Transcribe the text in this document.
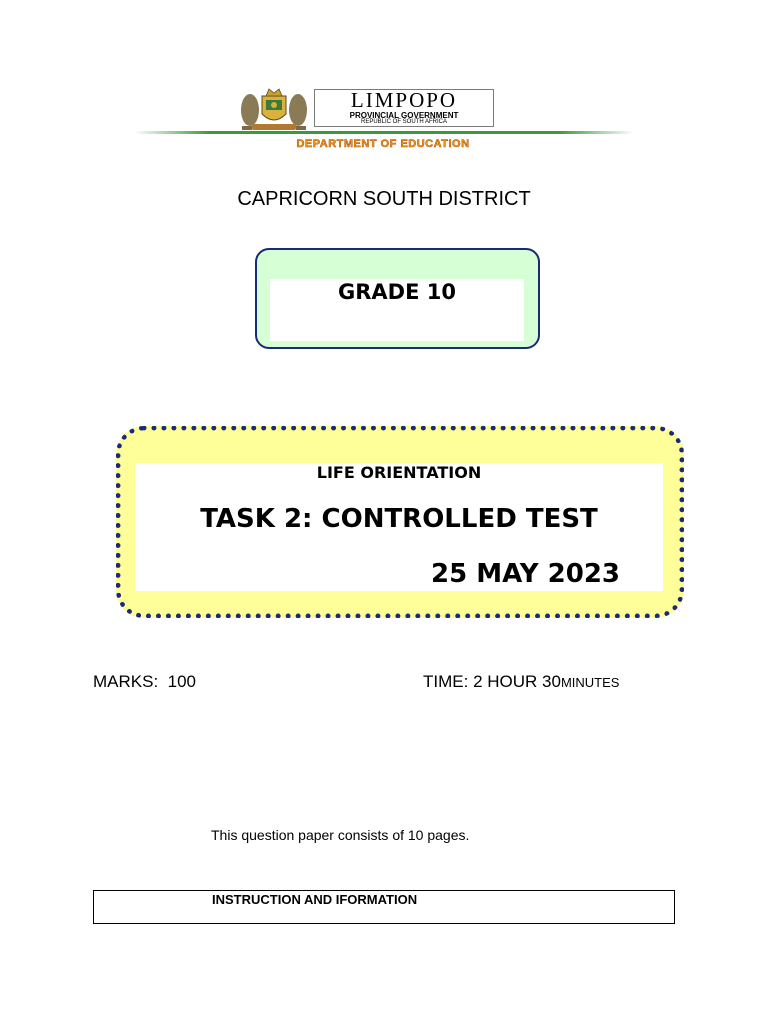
LIMPOPO
PROVINCIAL GOVERNMENT
REPUBLIC OF SOUTH AFRICA
DEPARTMENT OF EDUCATION
CAPRICORN SOUTH DISTRICT
GRADE 10
LIFE ORIENTATION
TASK 2: CONTROLLED TEST
25 MAY 2023
MARKS: 100	TIME: 2 HOUR 30MINUTES
This question paper consists of 10 pages.
INSTRUCTION AND IFORMATION
